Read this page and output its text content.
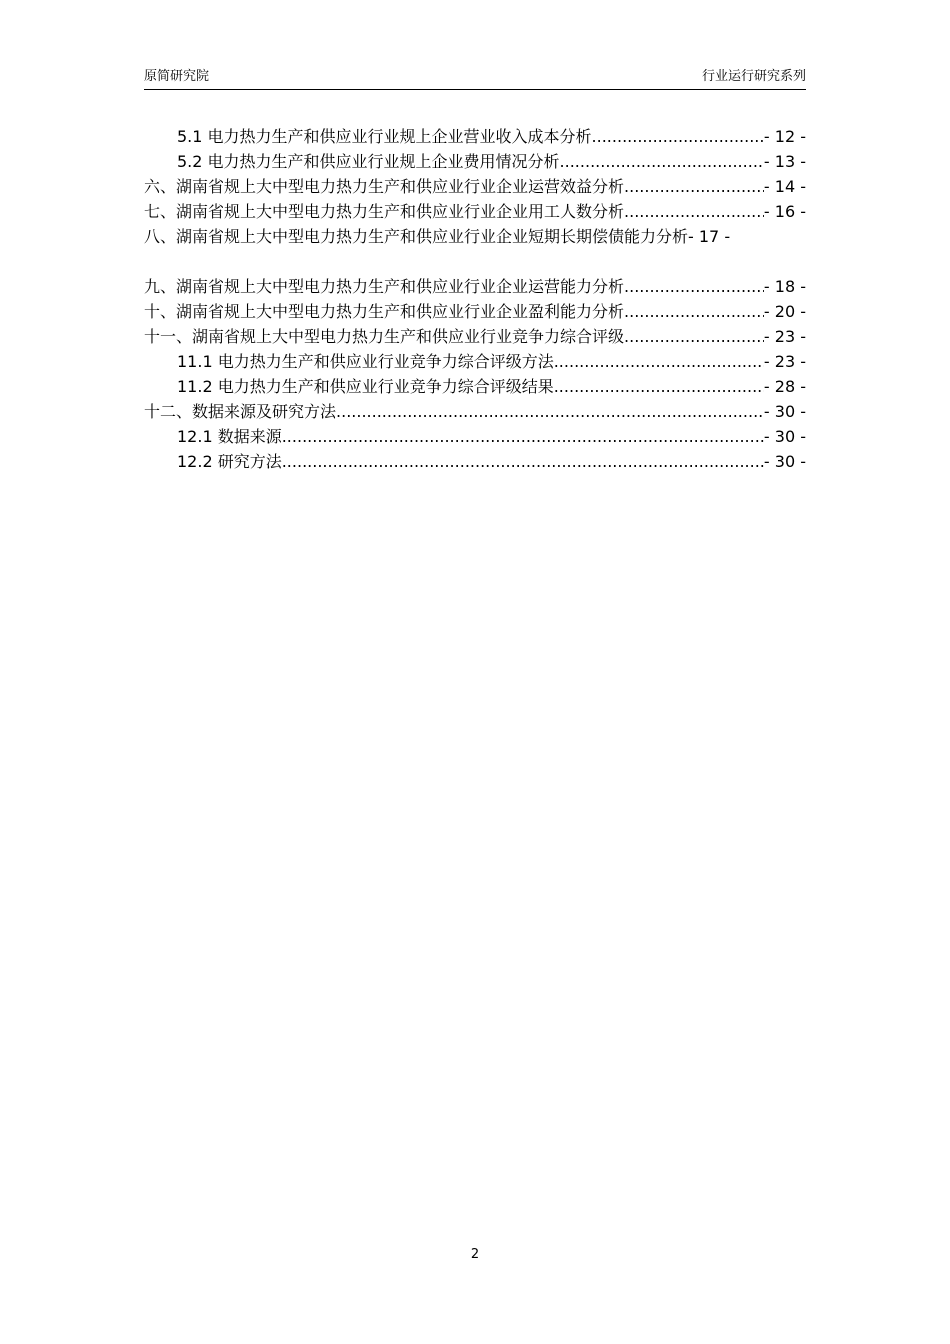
原简研究院	行业运行研究系列
5.1 电力热力生产和供应业行业规上企业营业收入成本分析 .....	- 12 -
5.2 电力热力生产和供应业行业规上企业费用情况分析 .....	- 13 -
六、湖南省规上大中型电力热力生产和供应业行业企业运营效益分析 .....	- 14 -
七、湖南省规上大中型电力热力生产和供应业行业企业用工人数分析 .....	- 16 -
八、湖南省规上大中型电力热力生产和供应业行业企业短期长期偿债能力分析- 17 -
九、湖南省规上大中型电力热力生产和供应业行业企业运营能力分析 .....	- 18 -
十、湖南省规上大中型电力热力生产和供应业行业企业盈利能力分析 .....	- 20 -
十一、湖南省规上大中型电力热力生产和供应业行业竞争力综合评级 .....	- 23 -
11.1 电力热力生产和供应业行业竞争力综合评级方法 .....	- 23 -
11.2 电力热力生产和供应业行业竞争力综合评级结果 .....	- 28 -
十二、数据来源及研究方法 .....	- 30 -
12.1 数据来源 .....	- 30 -
12.2 研究方法 .....	- 30 -
2
